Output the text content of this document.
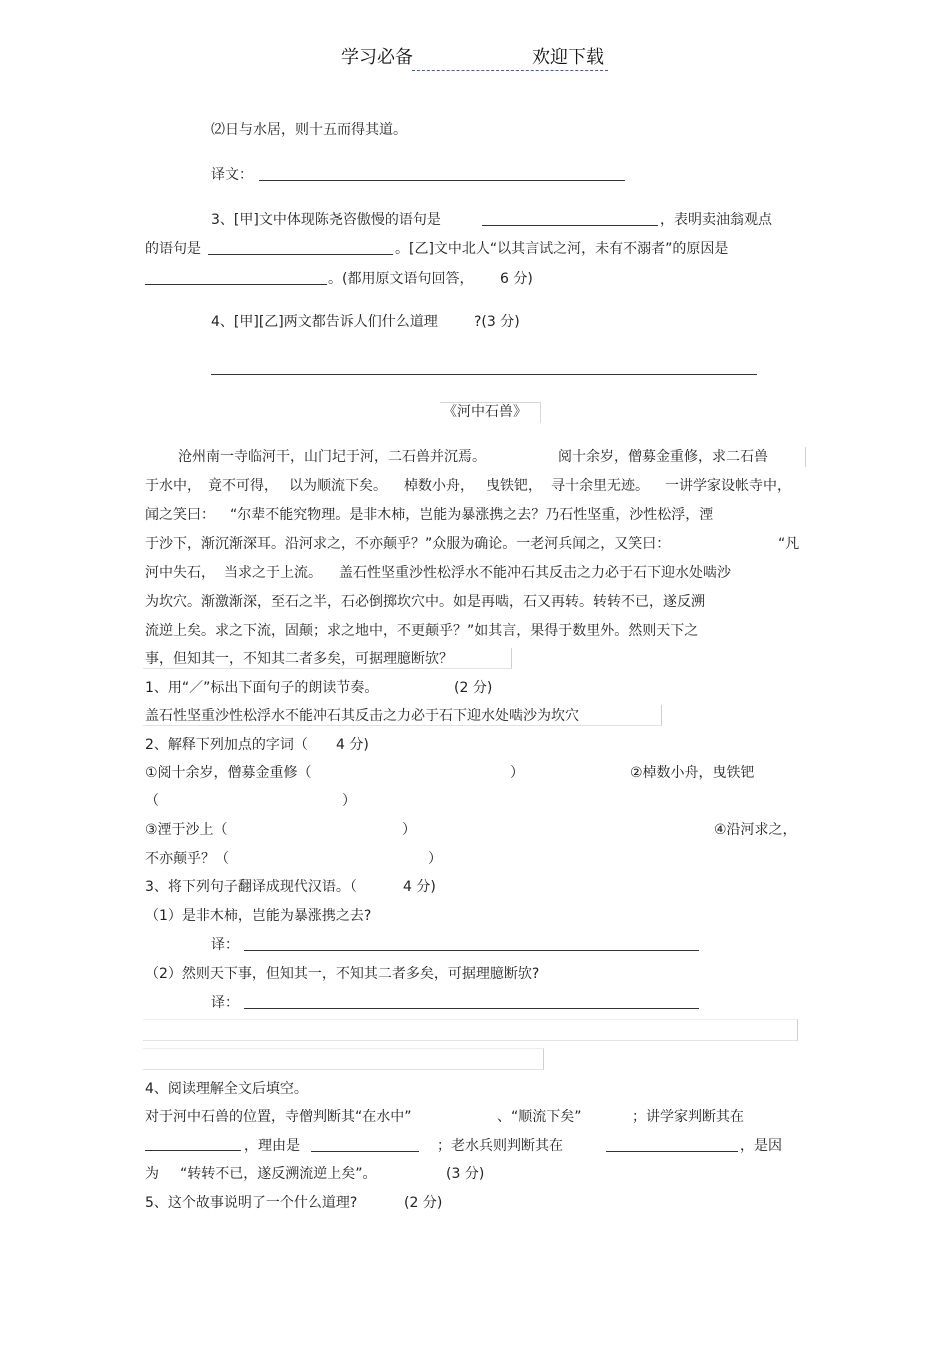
学习必备	欢迎下载
⑵日与水居，则十五而得其道。
译文：
3、[甲]文中体现陈尧咨傲慢的语句是	，表明卖油翁观点
的语句是	。[乙]文中北人“以其言试之河，未有不溺者”的原因是
。(都用原文语句回答， 6 分)
4、[甲][乙]两文都告诉人们什么道理	?(3 分)
《河中石兽》
沧州南一寺临河干，山门圮于河，二石兽并沉焉。	阅十余岁，僧募金重修，求二石兽
于水中， 竟不可得， 以为顺流下矣。 棹数小舟， 曳铁钯， 寻十余里无迹。 一讲学家设帐寺中，
闻之笑曰： “尔辈不能究物理。是非木柿，岂能为暴涨携之去？乃石性坚重，沙性松浮，湮
于沙下，渐沉渐深耳。沿河求之，不亦颠乎？”众服为确论。一老河兵闻之，又笑曰：	“凡
河中失石， 当求之于上流。 盖石性坚重沙性松浮水不能冲石其反击之力必于石下迎水处啮沙
为坎穴。渐激渐深，至石之半，石必倒掷坎穴中。如是再啮，石又再转。转转不已，遂反溯
流逆上矣。求之下流，固颠；求之地中，不更颠乎？”如其言，果得于数里外。然则天下之
事，但知其一，不知其二者多矣，可据理臆断欤？
1、用“／”标出下面句子的朗读节奏。	(2 分)
盖石性坚重沙性松浮水不能冲石其反击之力必于石下迎水处啮沙为坎穴
2、解释下列加点的字词（ 4 分)
①阅十余岁，僧募金重修（	）	②棹数小舟，曳铁钯
（	）
③湮于沙上（	）	④沿河求之，
不亦颠乎？（	）
3、将下列句子翻译成现代汉语。（	4 分)
（1）是非木柿，岂能为暴涨携之去?
译：
（2）然则天下事，但知其一，不知其二者多矣，可据理臆断欤?
译：
4、阅读理解全文后填空。
对于河中石兽的位置，寺僧判断其“在水中”	、“顺流下矣”	；讲学家判断其在
，理由是	；老水兵则判断其在	，是因
为 “转转不已，遂反溯流逆上矣”。	(3 分)
5、这个故事说明了一个什么道理?	(2 分)
